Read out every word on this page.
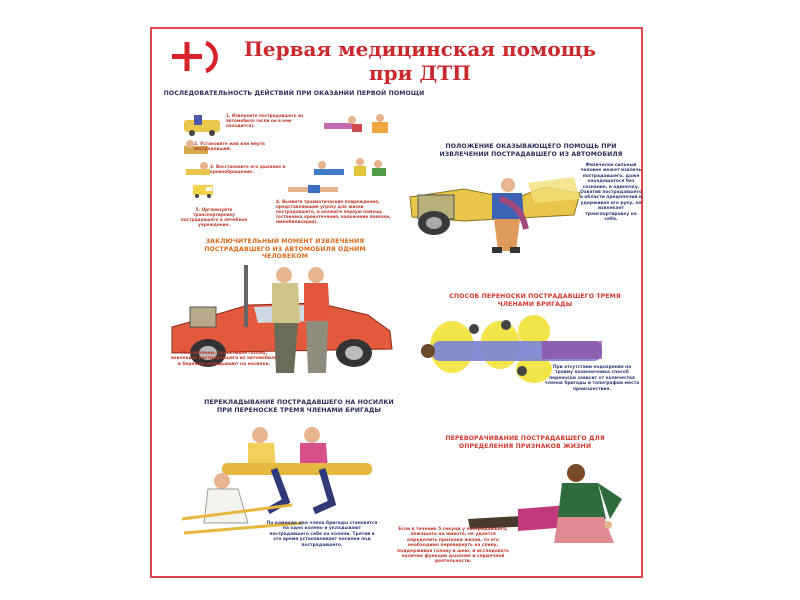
Первая медицинская помощь
при ДТП
ПОСЛЕДОВАТЕЛЬНОСТЬ ДЕЙСТВИЙ ПРИ ОКАЗАНИИ ПЕРВОЙ ПОМОЩИ
1. Извлеките пострадавшего из автомобиля (если он в нем находится).
2. Установите жив или мертв пострадавший.
3. Восстановите его дыхание и кровообращение.
4. Выявите травматические повреждения, представляющие угрозу для жизни пострадавшего, и окажите первую помощь (остановка кровотечения, наложение повязки, иммобилизация).
5. Организуйте транспортировку пострадавшего в лечебное учреждение.
ПОЛОЖЕНИЕ ОКАЗЫВАЮЩЕГО ПОМОЩЬ ПРИ ИЗВЛЕЧЕНИИ ПОСТРАДАВШЕГО ИЗ АВТОМОБИЛЯ
Физически сильный человек может извлечь пострадавшего, даже находящегося без сознания, в одиночку. Охватив пострадавшего в области предплечий и удерживая его руку, он извлекает транспортировку на себя.
ЗАКЛЮЧИТЕЛЬНЫЙ МОМЕНТ ИЗВЛЕЧЕНИЯ ПОСТРАДАВШЕГО ИЗ АВТОМОБИЛЯ ОДНИМ ЧЕЛОВЕКОМ
Расслаблены, захватывая голову, извлеките пострадавшего из автомобиля и бережно укладывают на носилки.
СПОСОБ ПЕРЕНОСКИ ПОСТРАДАВШЕГО ТРЕМЯ ЧЛЕНАМИ БРИГАДЫ
При отсутствии подозрения на травму позвоночника способ переноски зависит от количества членов бригады и топографии места происшествия.
ПЕРЕКЛАДЫВАНИЕ ПОСТРАДАВШЕГО НА НОСИЛКИ ПРИ ПЕРЕНОСКЕ ТРЕМЯ ЧЛЕНАМИ БРИГАДЫ
По команде два члена бригады становятся на одно колено и укладывают пострадавшего себе на колени. Третий в это время устанавливает носилки под пострадавшего.
ПЕРЕВОРАЧИВАНИЕ ПОСТРАДАВШЕГО ДЛЯ ОПРЕДЕЛЕНИЯ ПРИЗНАКОВ ЖИЗНИ
Если в течение 5 секунд у пострадавшего, лежащего на животе, не удается определить признаки жизни, то его необходимо перевернуть на спину, поддерживая голову и шею, и исследовать наличие функции дыхания и сердечной деятельности.
